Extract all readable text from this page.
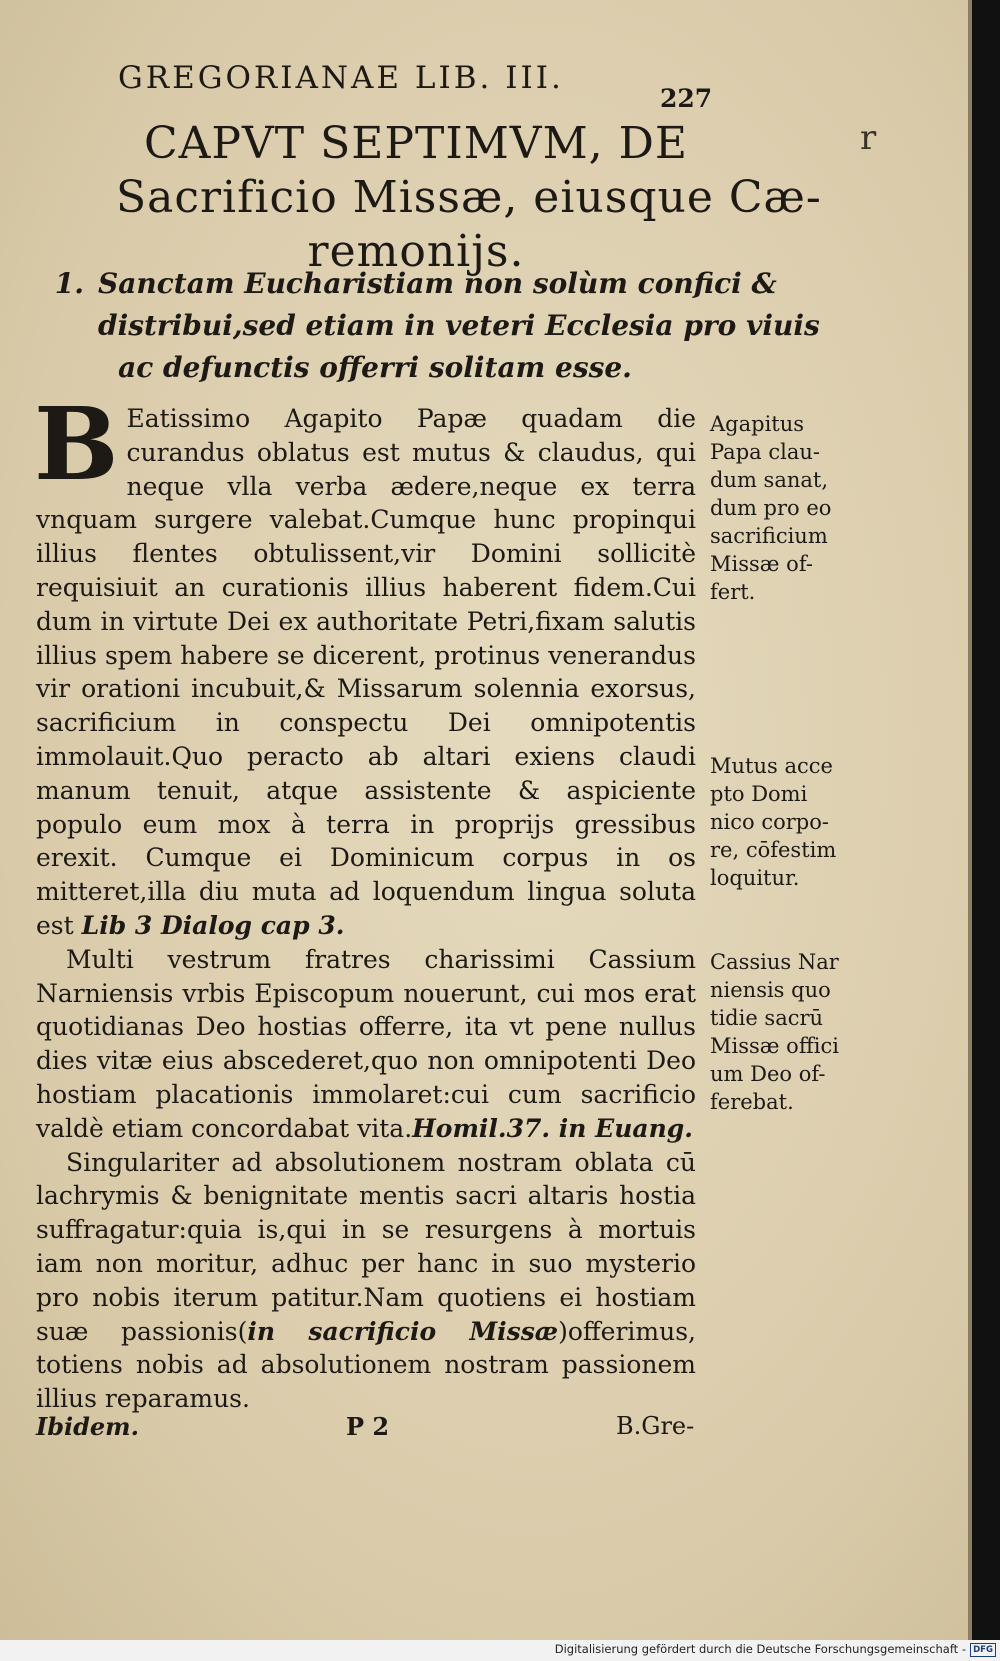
GREGORIANAE LIB. III.
227
r
CAPVT SEPTIMVM, DE
Sacrificio Missæ, eiusque Cæ-
remonijs.
1. Sanctam Eucharistiam non solùm confici &
distribui,sed etiam in veteri Ecclesia pro viuis
ac defunctis offerri solitam esse.

B Eatissimo Agapito Papæ quadam die curandus oblatus est mutus & claudus, qui neque vlla verba ædere,neque ex terra vnquam surgere valebat.Cumque hunc propinqui illius flentes obtulissent,vir Domini sollicitè requisiuit an curationis illius haberent fidem.Cui dum in virtute Dei ex authoritate Petri,fixam salutis illius spem habere se dicerent, protinus venerandus vir orationi incubuit,& Missarum solennia exorsus, sacrificium in conspectu Dei omnipotentis immolauit.Quo peracto ab altari exiens claudi manum tenuit, atque assistente & aspiciente populo eum mox à terra in proprijs gressibus erexit. Cumque ei Dominicum corpus in os mitteret,illa diu muta ad loquendum lingua soluta est Lib 3 Dialog cap 3.

Multi vestrum fratres charissimi Cassium Narniensis vrbis Episcopum nouerunt, cui mos erat quotidianas Deo hostias offerre, ita vt pene nullus dies vitæ eius abscederet,quo non omnipotenti Deo hostiam placationis immolaret:cui cum sacrificio valdè etiam concordabat vita.Homil.37. in Euang.

Singulariter ad absolutionem nostram oblata cū lachrymis & benignitate mentis sacri altaris hostia suffragatur:quia is,qui in se resurgens à mortuis iam non moritur, adhuc per hanc in suo mysterio pro nobis iterum patitur.Nam quotiens ei hostiam suæ passionis(in sacrificio Missæ)offerimus, totiens nobis ad absolutionem nostram passionem illius reparamus.

Ibidem.	P 2	B.Gre-
Agapitus
Papa clau-
dum sanat,
dum pro eo
sacrificium
Missæ of-
fert.
Mutus acce
pto Domi
nico corpo-
re, cōfestim
loquitur.
Cassius Nar
niensis quo
tidie sacrū
Missæ offici
um Deo of-
ferebat.
Digitalisierung gefördert durch die Deutsche Forschungsgemeinschaft - DFG
